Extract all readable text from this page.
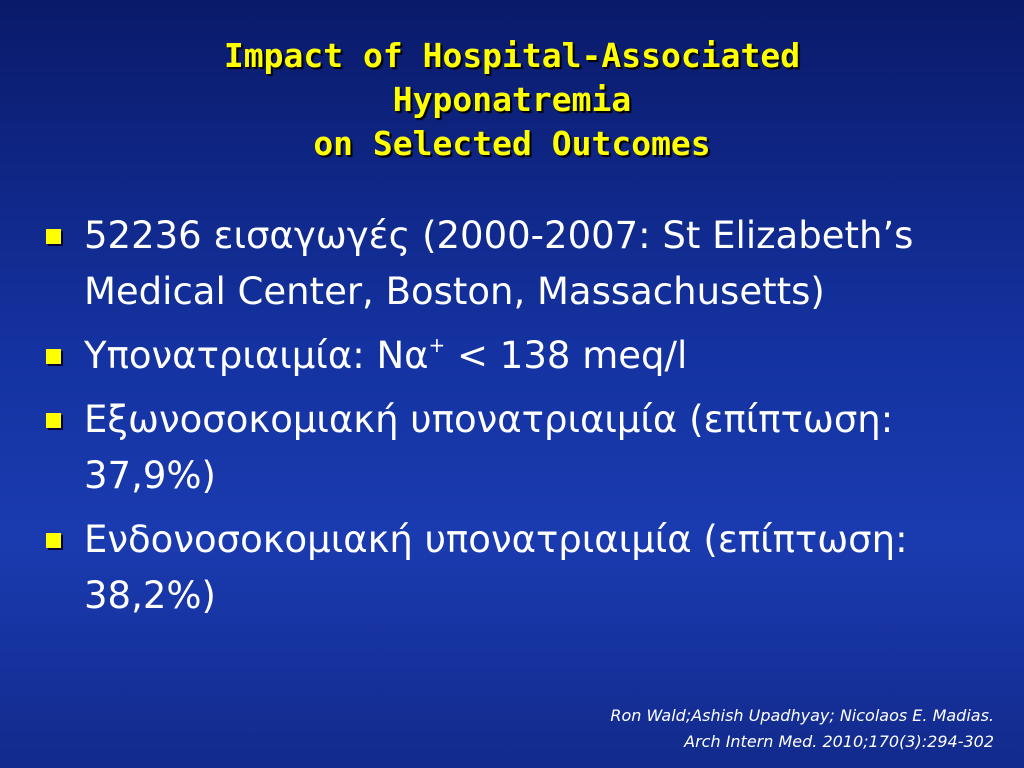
Impact of Hospital-Associated
Hyponatremia
on Selected Outcomes
52236 εισαγωγές (2000-2007: St Elizabeth’s Medical Center, Boston, Massachusetts)
Υπονατριαιμία: Να+ < 138 meq/l
Εξωνοσοκομιακή υπονατριαιμία (επίπτωση: 37,9%)
Ενδονοσοκομιακή υπονατριαιμία (επίπτωση: 38,2%)
Ron Wald;Ashish Upadhyay; Nicolaos E. Madias.
Arch Intern Med. 2010;170(3):294-302
